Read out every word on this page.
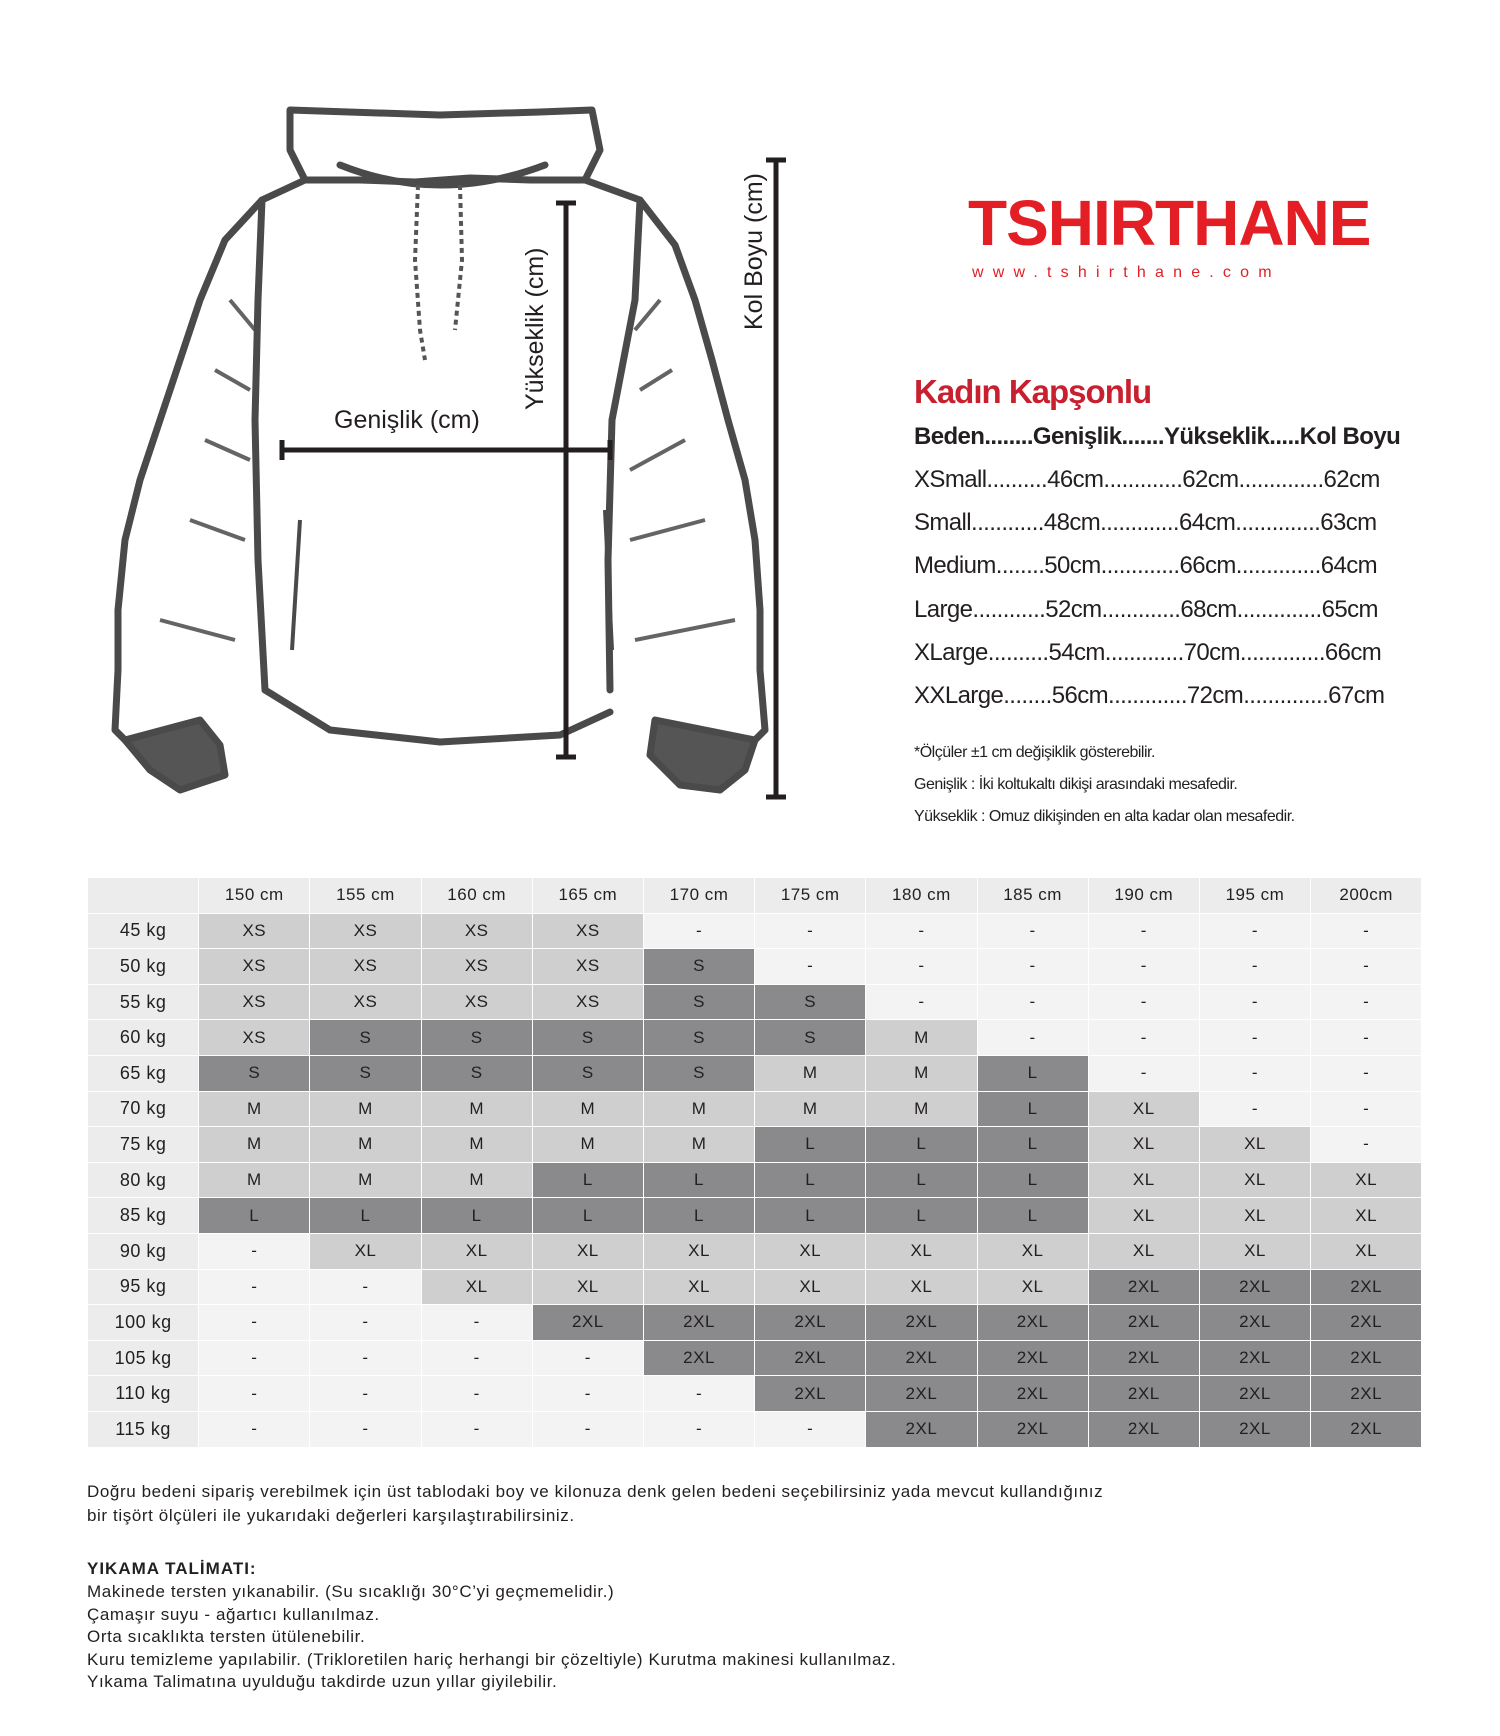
Genişlik (cm)
Yükseklik (cm)	Kol Boyu (cm)	TSHIRTHANE
www.tshirthane.com
Kadın Kapşonlu
Beden........Genişlik.......Yükseklik.....Kol Boyu
XSmall..........46cm.............62cm..............62cm
Small............48cm.............64cm..............63cm
Medium........50cm.............66cm..............64cm
Large............52cm.............68cm..............65cm
XLarge..........54cm.............70cm..............66cm
XXLarge........56cm.............72cm..............67cm
*Ölçüler ±1 cm değişiklik gösterebilir.
Genişlik : İki koltukaltı dikişi arasındaki mesafedir.
Yükseklik : Omuz dikişinden en alta kadar olan mesafedir.
	150 cm	155 cm	160 cm	165 cm	170 cm	175 cm	180 cm	185 cm	190 cm	195 cm	200cm
45 kg	XS	XS	XS	XS	-	-	-	-	-	-	-
50 kg	XS	XS	XS	XS	S	-	-	-	-	-	-
55 kg	XS	XS	XS	XS	S	S	-	-	-	-	-
60 kg	XS	S	S	S	S	S	M	-	-	-	-
65 kg	S	S	S	S	S	M	M	L	-	-	-
70 kg	M	M	M	M	M	M	M	L	XL	-	-
75 kg	M	M	M	M	M	L	L	L	XL	XL	-
80 kg	M	M	M	L	L	L	L	L	XL	XL	XL
85 kg	L	L	L	L	L	L	L	L	XL	XL	XL
90 kg	-	XL	XL	XL	XL	XL	XL	XL	XL	XL	XL
95 kg	-	-	XL	XL	XL	XL	XL	XL	2XL	2XL	2XL
100 kg	-	-	-	2XL	2XL	2XL	2XL	2XL	2XL	2XL	2XL
105 kg	-	-	-	-	2XL	2XL	2XL	2XL	2XL	2XL	2XL
110 kg	-	-	-	-	-	2XL	2XL	2XL	2XL	2XL	2XL
115 kg	-	-	-	-	-	-	2XL	2XL	2XL	2XL	2XL
Doğru bedeni sipariş verebilmek için üst tablodaki boy ve kilonuza denk gelen bedeni seçebilirsiniz yada mevcut kullandığınız
bir tişört ölçüleri ile yukarıdaki değerleri karşılaştırabilirsiniz.
YIKAMA TALİMATI:
Makinede tersten yıkanabilir. (Su sıcaklığı 30°C’yi geçmemelidir.)
Çamaşır suyu - ağartıcı kullanılmaz.
Orta sıcaklıkta tersten ütülenebilir.
Kuru temizleme yapılabilir. (Trikloretilen hariç herhangi bir çözeltiyle) Kurutma makinesi kullanılmaz.
Yıkama Talimatına uyulduğu takdirde uzun yıllar giyilebilir.
